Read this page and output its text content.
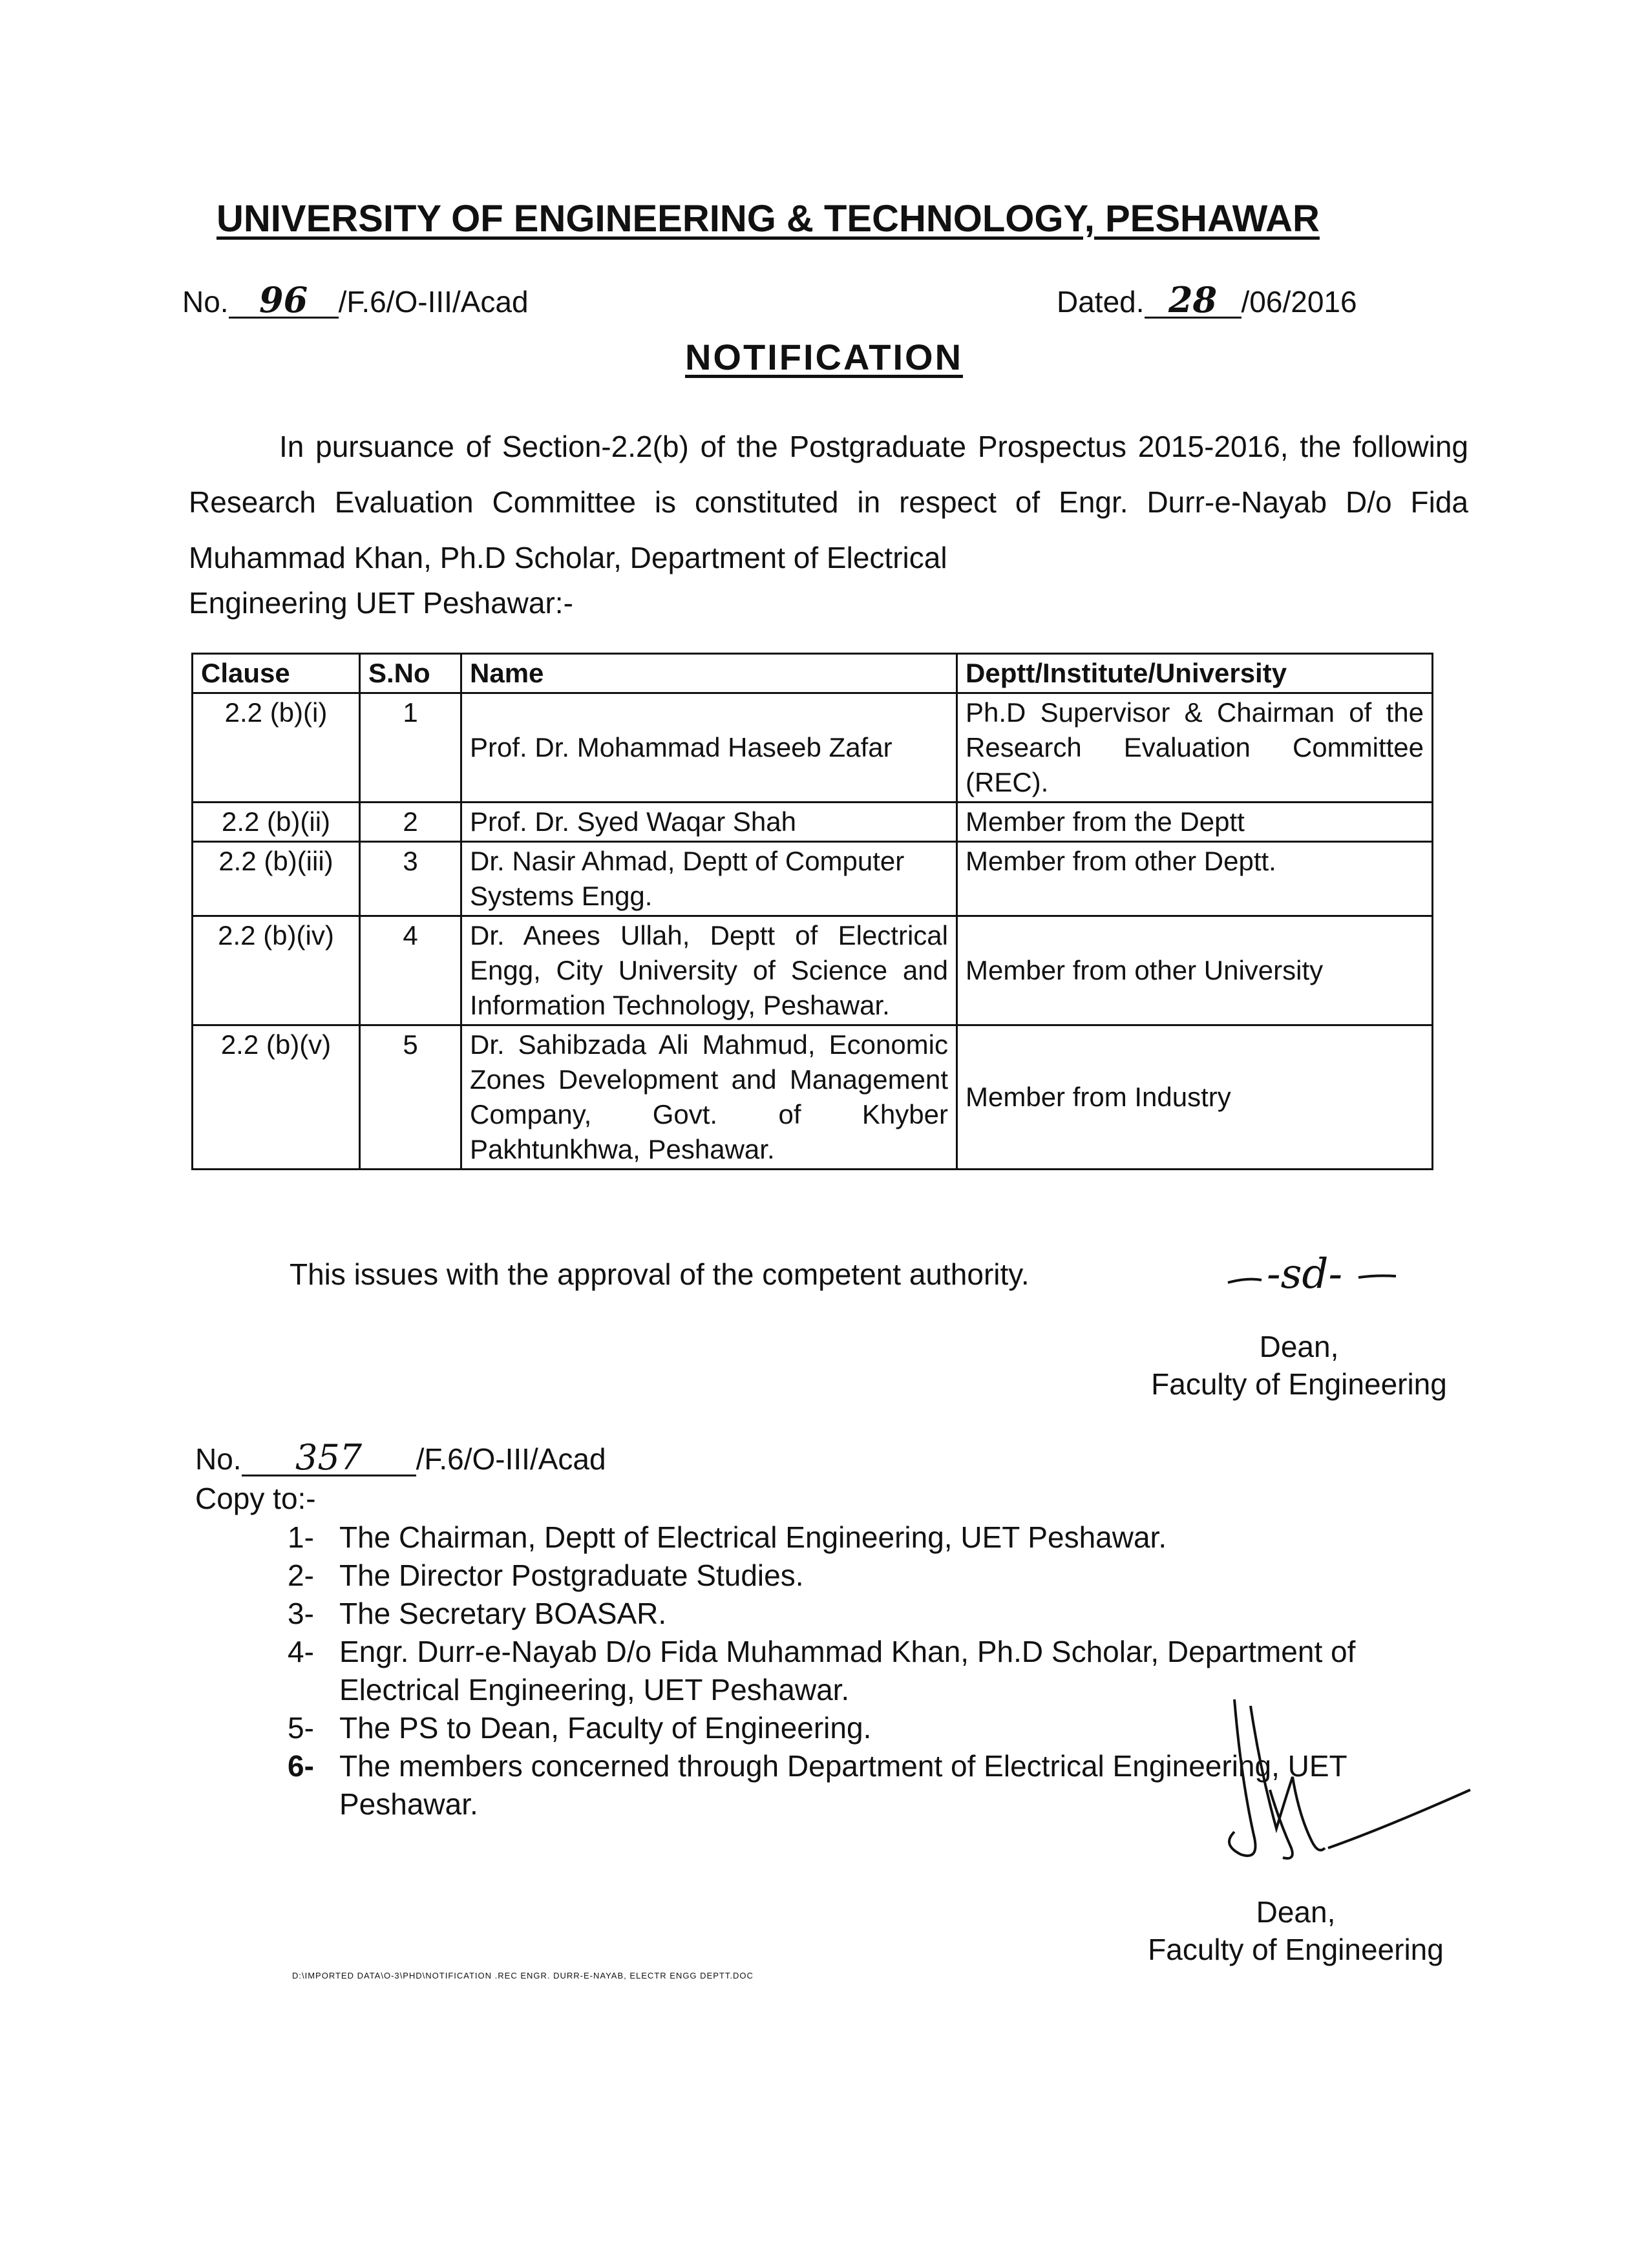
UNIVERSITY OF ENGINEERING & TECHNOLOGY, PESHAWAR
No. 96 /F.6/O-III/Acad	Dated. 28 /06/2016
NOTIFICATION
In pursuance of Section-2.2(b) of the Postgraduate Prospectus 2015-2016, the following Research Evaluation Committee is constituted in respect of Engr. Durr-e-Nayab D/o Fida Muhammad Khan, Ph.D Scholar, Department of Electrical
Engineering UET Peshawar:-
Clause	S.No	Name	Deptt/Institute/University
2.2 (b)(i)	1	Prof. Dr. Mohammad Haseeb Zafar	Ph.D Supervisor & Chairman of the Research Evaluation Committee (REC).
2.2 (b)(ii)	2	Prof. Dr. Syed Waqar Shah	Member from the Deptt
2.2 (b)(iii)	3	Dr. Nasir Ahmad, Deptt of Computer Systems Engg.	Member from other Deptt.
2.2 (b)(iv)	4	Dr. Anees Ullah, Deptt of Electrical Engg, City University of Science and Information Technology, Peshawar.	Member from other University
2.2 (b)(v)	5	Dr. Sahibzada Ali Mahmud, Economic Zones Development and Management Company, Govt. of Khyber Pakhtunkhwa, Peshawar.	Member from Industry
This issues with the approval of the competent authority.	-sd-
Dean,
Faculty of Engineering
No. 357 /F.6/O-III/Acad
Copy to:-
1- The Chairman, Deptt of Electrical Engineering, UET Peshawar.
2- The Director Postgraduate Studies.
3- The Secretary BOASAR.
4- Engr. Durr-e-Nayab D/o Fida Muhammad Khan, Ph.D Scholar, Department of Electrical Engineering, UET Peshawar.
5- The PS to Dean, Faculty of Engineering.
6- The members concerned through Department of Electrical Engineering, UET Peshawar.
Dean,
Faculty of Engineering
D:\IMPORTED DATA\O-3\PHD\NOTIFICATION .REC ENGR. DURR-E-NAYAB, ELECTR ENGG DEPTT.DOC
